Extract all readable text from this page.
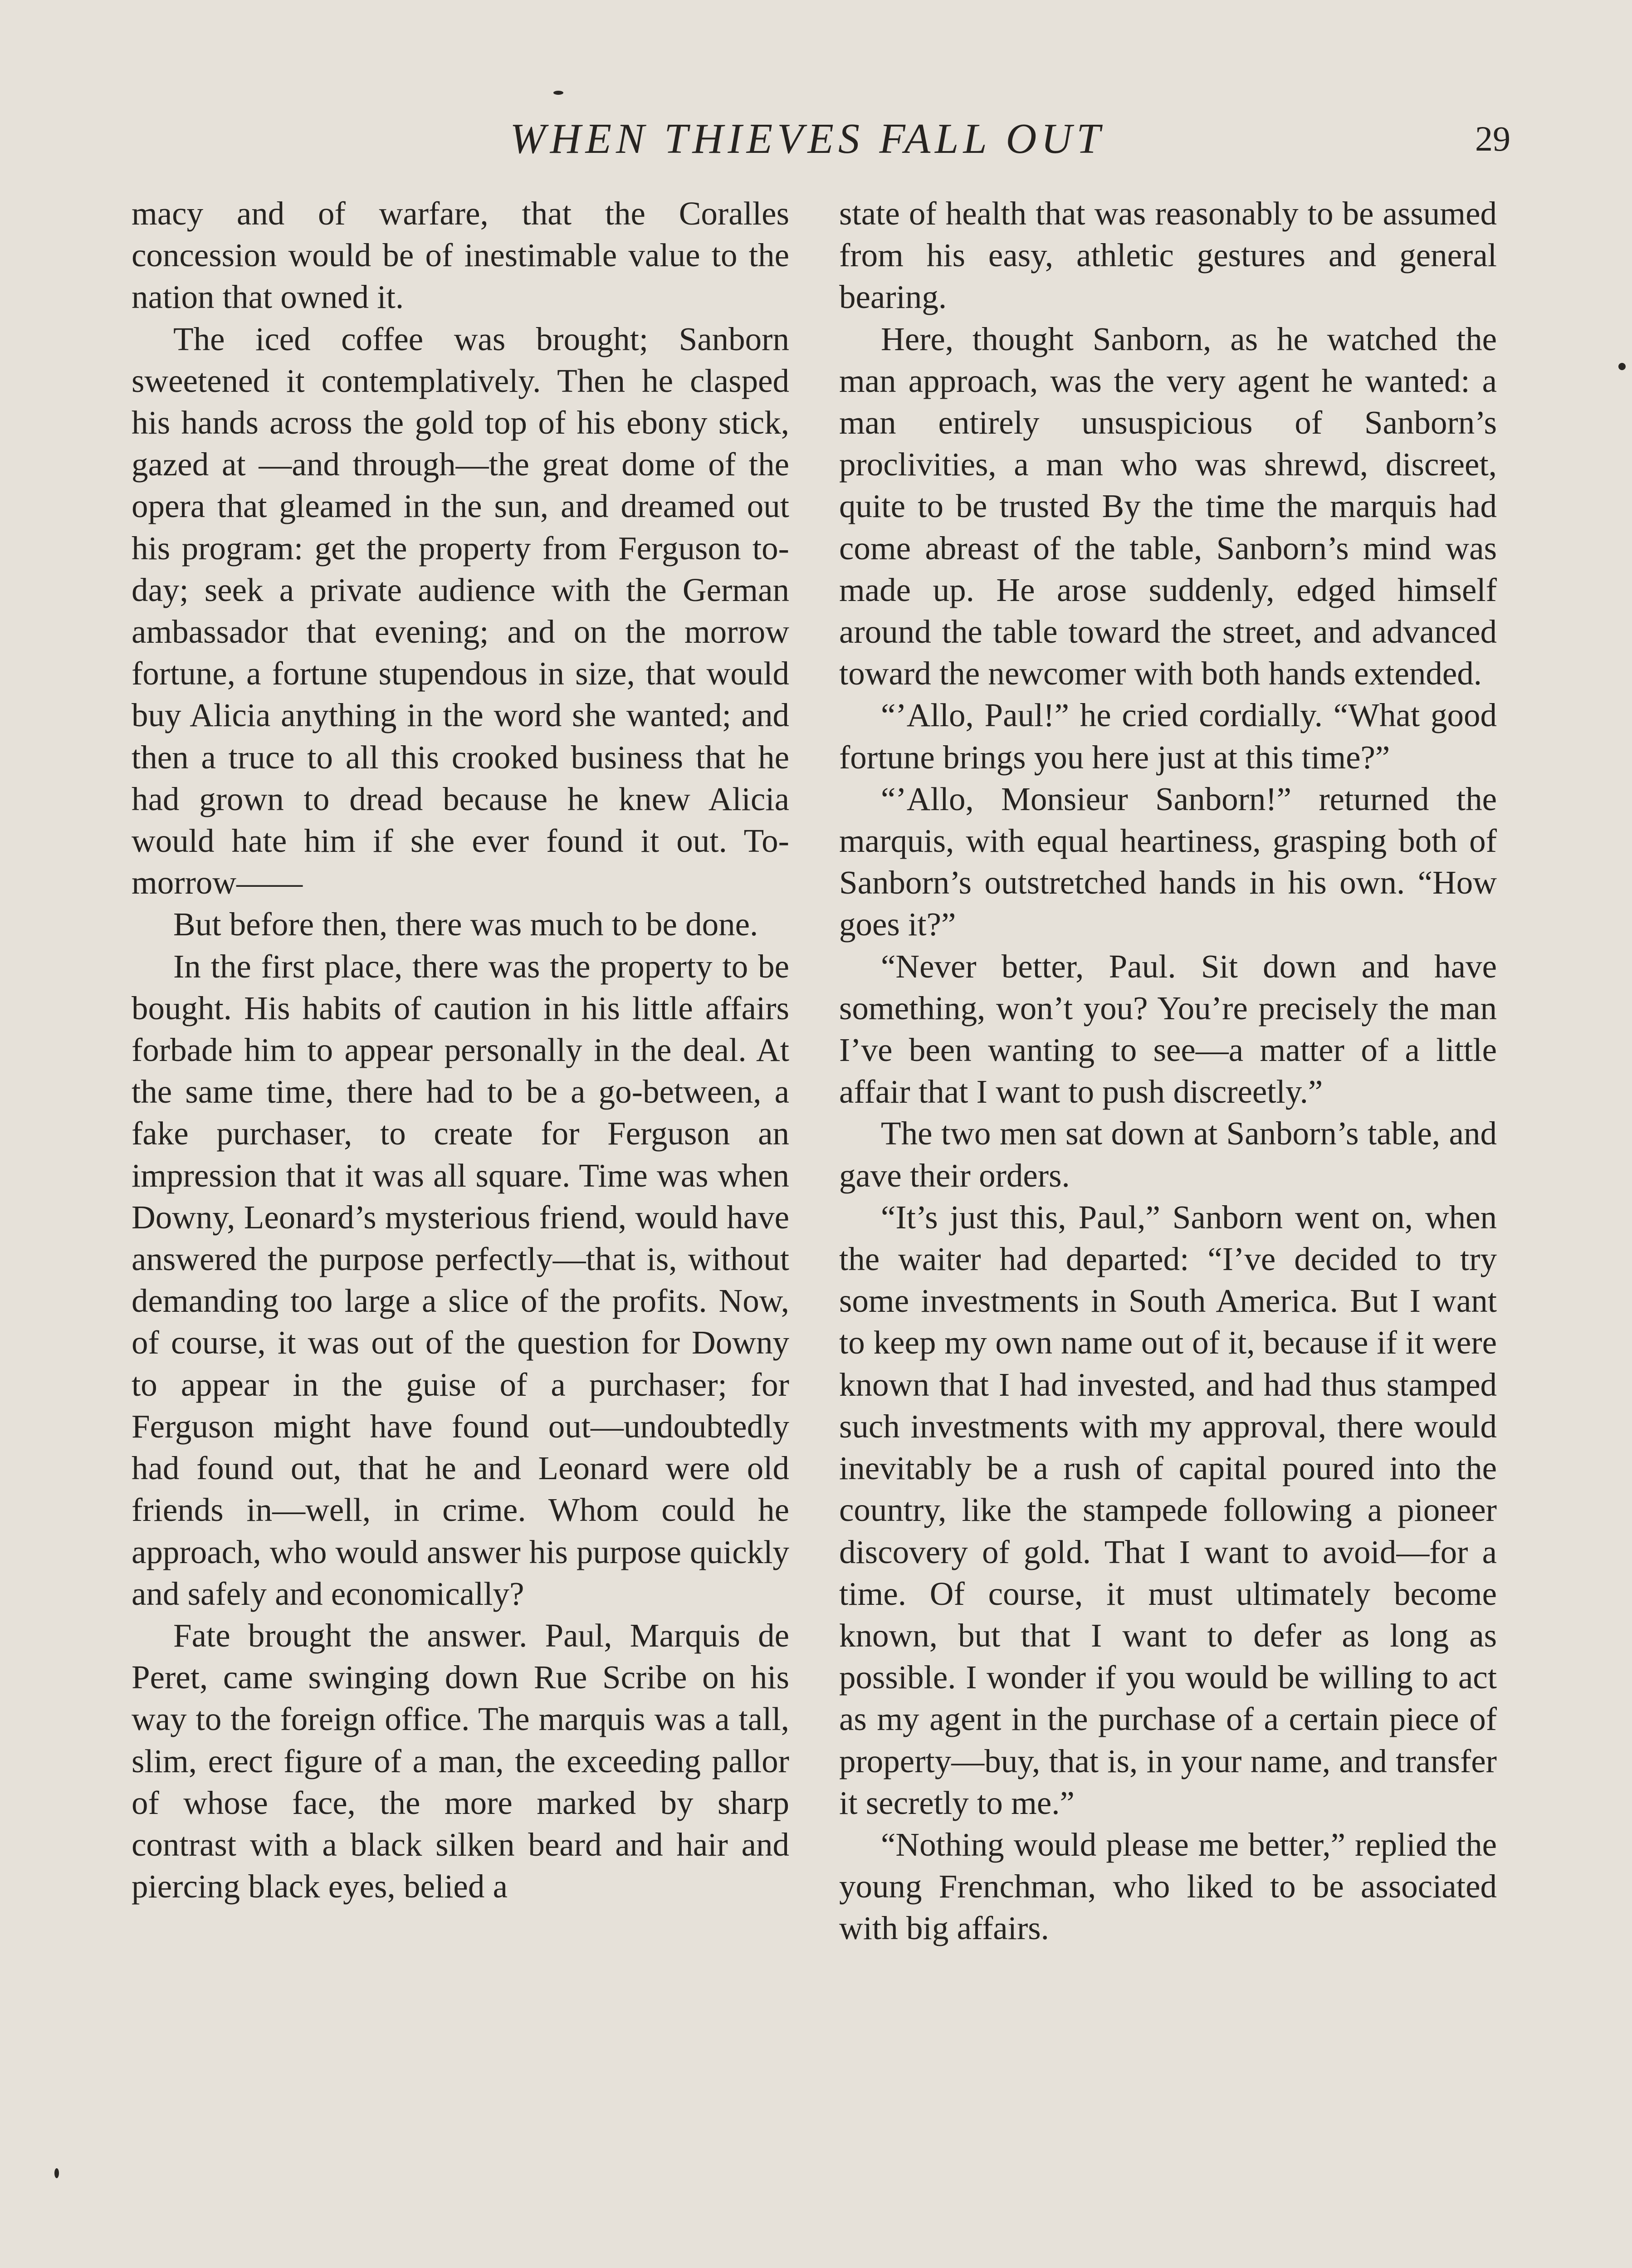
WHEN THIEVES FALL OUT	29

macy and of warfare, that the Coralles concession would be of inestimable value to the nation that owned it.

The iced coffee was brought; Sanborn sweetened it contemplatively. Then he clasped his hands across the gold top of his ebony stick, gazed at —and through—the great dome of the opera that gleamed in the sun, and dreamed out his program: get the property from Ferguson to-day; seek a private audience with the German ambassador that evening; and on the morrow fortune, a fortune stupendous in size, that would buy Alicia anything in the word she wanted; and then a truce to all this crooked business that he had grown to dread because he knew Alicia would hate him if she ever found it out. To-morrow——

But before then, there was much to be done.

In the first place, there was the property to be bought. His habits of caution in his little affairs forbade him to appear personally in the deal. At the same time, there had to be a go-between, a fake purchaser, to create for Ferguson an impression that it was all square. Time was when Downy, Leonard’s mysterious friend, would have answered the purpose perfectly—that is, without demanding too large a slice of the profits. Now, of course, it was out of the question for Downy to appear in the guise of a purchaser; for Ferguson might have found out—undoubtedly had found out, that he and Leonard were old friends in—well, in crime. Whom could he approach, who would answer his purpose quickly and safely and economically?

Fate brought the answer. Paul, Marquis de Peret, came swinging down Rue Scribe on his way to the foreign office. The marquis was a tall, slim, erect figure of a man, the exceeding pallor of whose face, the more marked by sharp contrast with a black silken beard and hair and piercing black eyes, belied a

state of health that was reasonably to be assumed from his easy, athletic gestures and general bearing.

Here, thought Sanborn, as he watched the man approach, was the very agent he wanted: a man entirely unsuspicious of Sanborn’s proclivities, a man who was shrewd, discreet, quite to be trusted By the time the marquis had come abreast of the table, Sanborn’s mind was made up. He arose suddenly, edged himself around the table toward the street, and advanced toward the newcomer with both hands extended.

“’Allo, Paul!” he cried cordially. “What good fortune brings you here just at this time?”

“’Allo, Monsieur Sanborn!” returned the marquis, with equal heartiness, grasping both of Sanborn’s outstretched hands in his own. “How goes it?”

“Never better, Paul. Sit down and have something, won’t you? You’re precisely the man I’ve been wanting to see—a matter of a little affair that I want to push discreetly.”

The two men sat down at Sanborn’s table, and gave their orders.

“It’s just this, Paul,” Sanborn went on, when the waiter had departed: “I’ve decided to try some investments in South America. But I want to keep my own name out of it, because if it were known that I had invested, and had thus stamped such investments with my approval, there would inevitably be a rush of capital poured into the country, like the stampede following a pioneer discovery of gold. That I want to avoid—for a time. Of course, it must ultimately become known, but that I want to defer as long as possible. I wonder if you would be willing to act as my agent in the purchase of a certain piece of property—buy, that is, in your name, and transfer it secretly to me.”

“Nothing would please me better,” replied the young Frenchman, who liked to be associated with big affairs.
